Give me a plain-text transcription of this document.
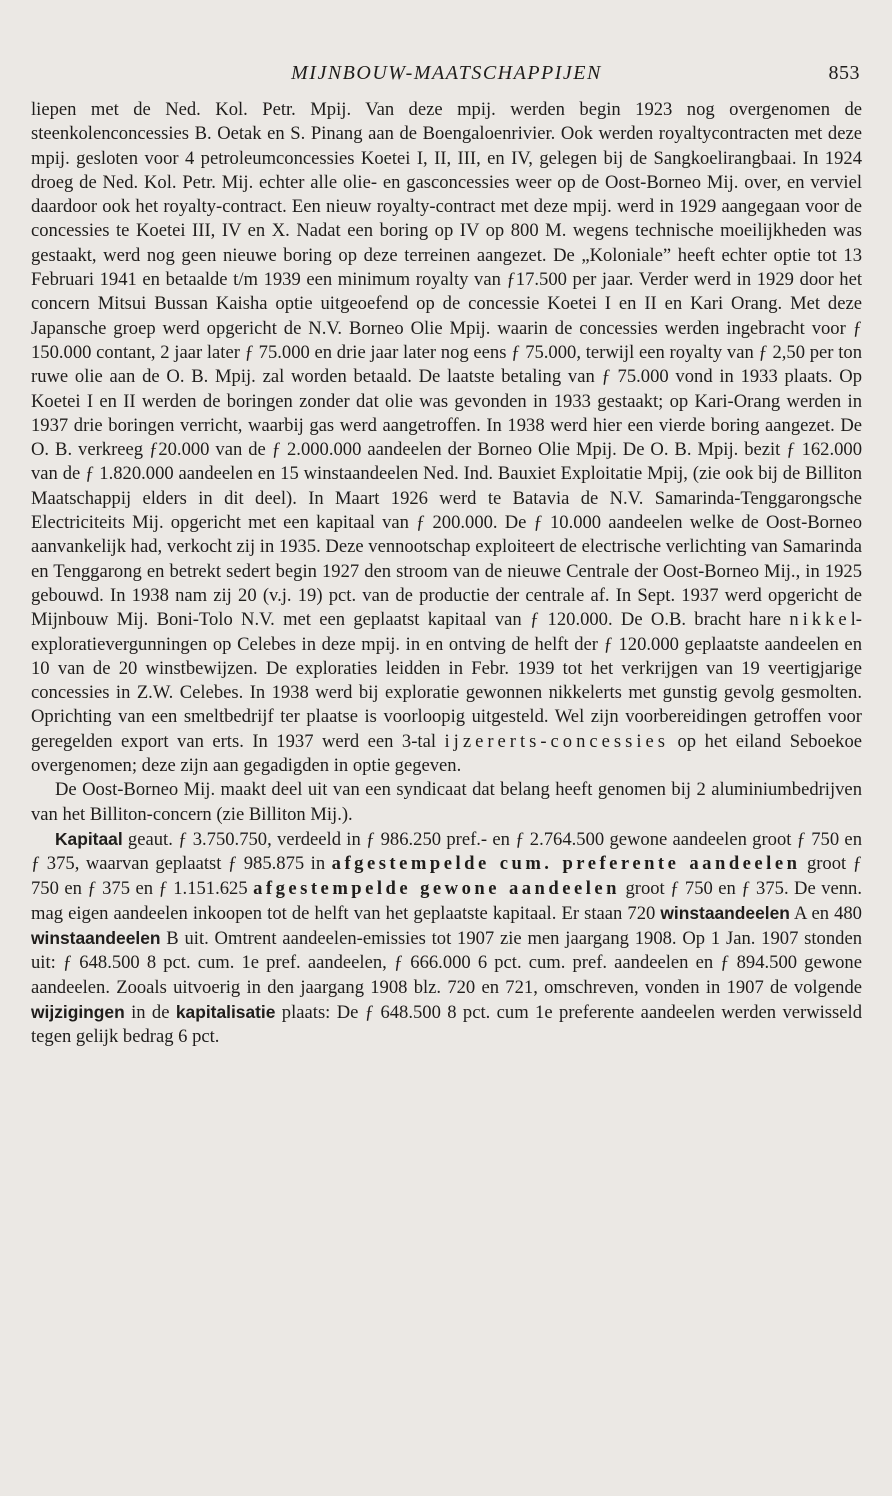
MIJNBOUW-MAATSCHAPPIJEN	853

liepen met de Ned. Kol. Petr. Mpij. Van deze mpij. werden begin 1923 nog overgenomen de steenkolenconcessies B. Oetak en S. Pinang aan de Boengaloenrivier. Ook werden royaltycontracten met deze mpij. gesloten voor 4 petroleumconcessies Koetei I, II, III, en IV, gelegen bij de Sangkoelirangbaai. In 1924 droeg de Ned. Kol. Petr. Mij. echter alle olie- en gasconcessies weer op de Oost-Borneo Mij. over, en verviel daardoor ook het royalty-contract. Een nieuw royalty-contract met deze mpij. werd in 1929 aangegaan voor de concessies te Koetei III, IV en X. Nadat een boring op IV op 800 M. wegens technische moeilijkheden was gestaakt, werd nog geen nieuwe boring op deze terreinen aangezet. De „Koloniale” heeft echter optie tot 13 Februari 1941 en betaalde t/m 1939 een minimum royalty van ƒ17.500 per jaar. Verder werd in 1929 door het concern Mitsui Bussan Kaisha optie uitgeoefend op de concessie Koetei I en II en Kari Orang. Met deze Japansche groep werd opgericht de N.V. Borneo Olie Mpij. waarin de concessies werden ingebracht voor ƒ 150.000 contant, 2 jaar later ƒ 75.000 en drie jaar later nog eens ƒ 75.000, terwijl een royalty van ƒ 2,50 per ton ruwe olie aan de O. B. Mpij. zal worden betaald. De laatste betaling van ƒ 75.000 vond in 1933 plaats. Op Koetei I en II werden de boringen zonder dat olie was gevonden in 1933 gestaakt; op Kari-Orang werden in 1937 drie boringen verricht, waarbij gas werd aangetroffen. In 1938 werd hier een vierde boring aangezet. De O. B. verkreeg ƒ20.000 van de ƒ 2.000.000 aandeelen der Borneo Olie Mpij. De O. B. Mpij. bezit ƒ 162.000 van de ƒ 1.820.000 aandeelen en 15 winstaandeelen Ned. Ind. Bauxiet Exploitatie Mpij, (zie ook bij de Billiton Maatschappij elders in dit deel). In Maart 1926 werd te Batavia de N.V. Samarinda-Tenggarongsche Electriciteits Mij. opgericht met een kapitaal van ƒ 200.000. De ƒ 10.000 aandeelen welke de Oost-Borneo aanvankelijk had, verkocht zij in 1935. Deze vennootschap exploiteert de electrische verlichting van Samarinda en Tenggarong en betrekt sedert begin 1927 den stroom van de nieuwe Centrale der Oost-Borneo Mij., in 1925 gebouwd. In 1938 nam zij 20 (v.j. 19) pct. van de productie der centrale af. In Sept. 1937 werd opgericht de Mijnbouw Mij. Boni-Tolo N.V. met een geplaatst kapitaal van ƒ 120.000. De O.B. bracht hare nikkel-exploratievergunningen op Celebes in deze mpij. in en ontving de helft der ƒ 120.000 geplaatste aandeelen en 10 van de 20 winstbewijzen. De exploraties leidden in Febr. 1939 tot het verkrijgen van 19 veertigjarige concessies in Z.W. Celebes. In 1938 werd bij exploratie gewonnen nikkelerts met gunstig gevolg gesmolten. Oprichting van een smeltbedrijf ter plaatse is voorloopig uitgesteld. Wel zijn voorbereidingen getroffen voor geregelden export van erts. In 1937 werd een 3-tal ijzererts-concessies op het eiland Seboekoe overgenomen; deze zijn aan gegadigden in optie gegeven.

De Oost-Borneo Mij. maakt deel uit van een syndicaat dat belang heeft genomen bij 2 aluminiumbedrijven van het Billiton-concern (zie Billiton Mij.).

Kapitaal geaut. ƒ 3.750.750, verdeeld in ƒ 986.250 pref.- en ƒ 2.764.500 gewone aandeelen groot ƒ 750 en ƒ 375, waarvan geplaatst ƒ 985.875 in afgestempelde cum. preferente aandeelen groot ƒ 750 en ƒ 375 en ƒ 1.151.625 afgestempelde gewone aandeelen groot ƒ 750 en ƒ 375. De venn. mag eigen aandeelen inkoopen tot de helft van het geplaatste kapitaal. Er staan 720 winstaandeelen A en 480 winstaandeelen B uit. Omtrent aandeelen-emissies tot 1907 zie men jaargang 1908. Op 1 Jan. 1907 stonden uit: ƒ 648.500 8 pct. cum. 1e pref. aandeelen, ƒ 666.000 6 pct. cum. pref. aandeelen en ƒ 894.500 gewone aandeelen. Zooals uitvoerig in den jaargang 1908 blz. 720 en 721, omschreven, vonden in 1907 de volgende wijzigingen in de kapitalisatie plaats: De ƒ 648.500 8 pct. cum 1e preferente aandeelen werden verwisseld tegen gelijk bedrag 6 pct.
